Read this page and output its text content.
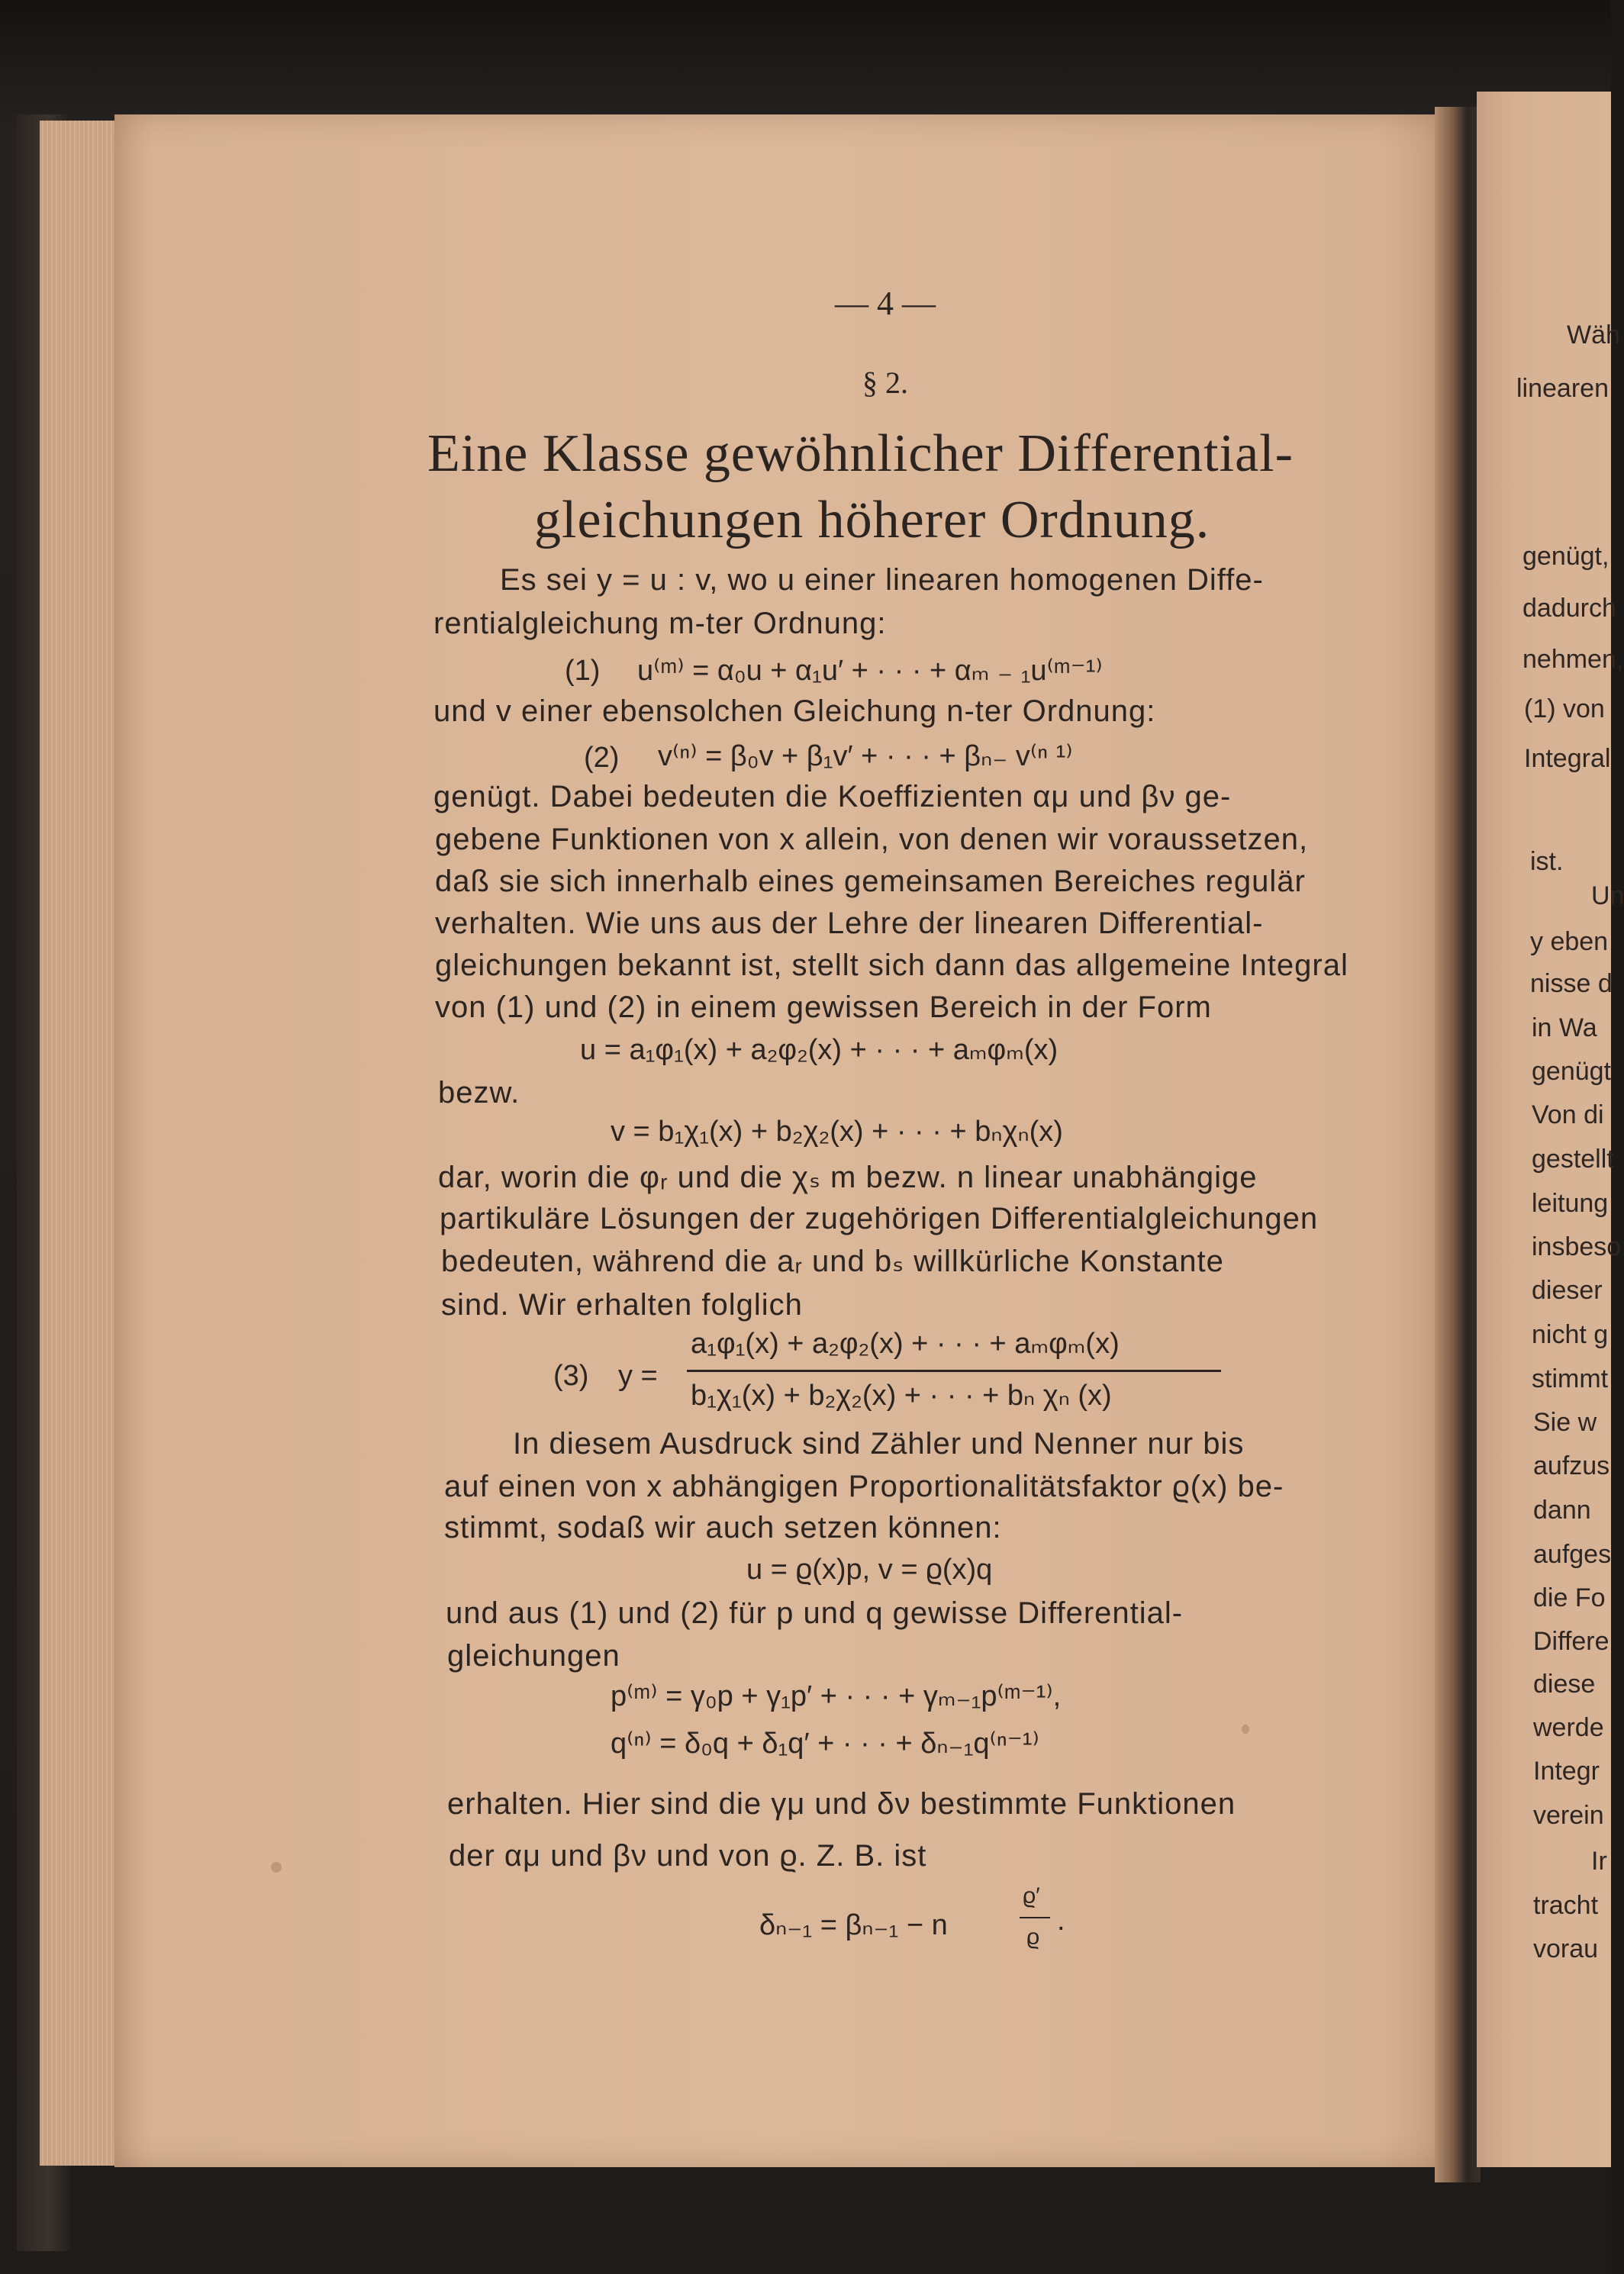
— 4 —
§ 2.
Eine Klasse gewöhnlicher Differential-
gleichungen höherer Ordnung.
Es sei y = u : v, wo u einer linearen homogenen Diffe-
rentialgleichung m-ter Ordnung:
(1) u⁽ᵐ⁾ = α₀u + α₁u′ + · · · + αₘ ₋ ₁u⁽ᵐ⁻¹⁾
und v einer ebensolchen Gleichung n-ter Ordnung:
(2) v⁽ⁿ⁾ = β₀v + β₁v′ + · · · + βₙ₋ v⁽ⁿ ¹⁾
genügt. Dabei bedeuten die Koeffizienten αμ und βν ge-
gebene Funktionen von x allein, von denen wir voraussetzen,
daß sie sich innerhalb eines gemeinsamen Bereiches regulär
verhalten. Wie uns aus der Lehre der linearen Differential-
gleichungen bekannt ist, stellt sich dann das allgemeine Integral
von (1) und (2) in einem gewissen Bereich in der Form
u = a₁φ₁(x) + a₂φ₂(x) + · · · + aₘφₘ(x)
bezw.
v = b₁χ₁(x) + b₂χ₂(x) + · · · + bₙχₙ(x)
dar, worin die φᵣ und die χₛ m bezw. n linear unabhängige
partikuläre Lösungen der zugehörigen Differentialgleichungen
bedeuten, während die aᵣ und bₛ willkürliche Konstante
sind. Wir erhalten folglich
(3) y =
a₁φ₁(x) + a₂φ₂(x) + · · · + aₘφₘ(x)
b₁χ₁(x) + b₂χ₂(x) + · · · + bₙ χₙ (x)
In diesem Ausdruck sind Zähler und Nenner nur bis
auf einen von x abhängigen Proportionalitätsfaktor ϱ(x) be-
stimmt, sodaß wir auch setzen können:
u = ϱ(x)p, v = ϱ(x)q
und aus (1) und (2) für p und q gewisse Differential-
gleichungen
p⁽ᵐ⁾ = γ₀p + γ₁p′ + · · · + γₘ₋₁p⁽ᵐ⁻¹⁾,
q⁽ⁿ⁾ = δ₀q + δ₁q′ + · · · + δₙ₋₁q⁽ⁿ⁻¹⁾
erhalten. Hier sind die γμ und δν bestimmte Funktionen
der αμ und βν und von ϱ. Z. B. ist
δₙ₋₁ = βₙ₋₁ − n
ϱ′
ϱ
.
Wäh
linearen
genügt,
dadurch
nehmen,
(1) von
Integral
ist.
Un
y eben
nisse d
in Wa
genügt
Von di
gestellt
leitung
insbeso
dieser
nicht g
stimmt
Sie w
aufzus
dann
aufges
die Fo
Differe
diese
werde
Integr
verein
Ir
tracht
vorau
